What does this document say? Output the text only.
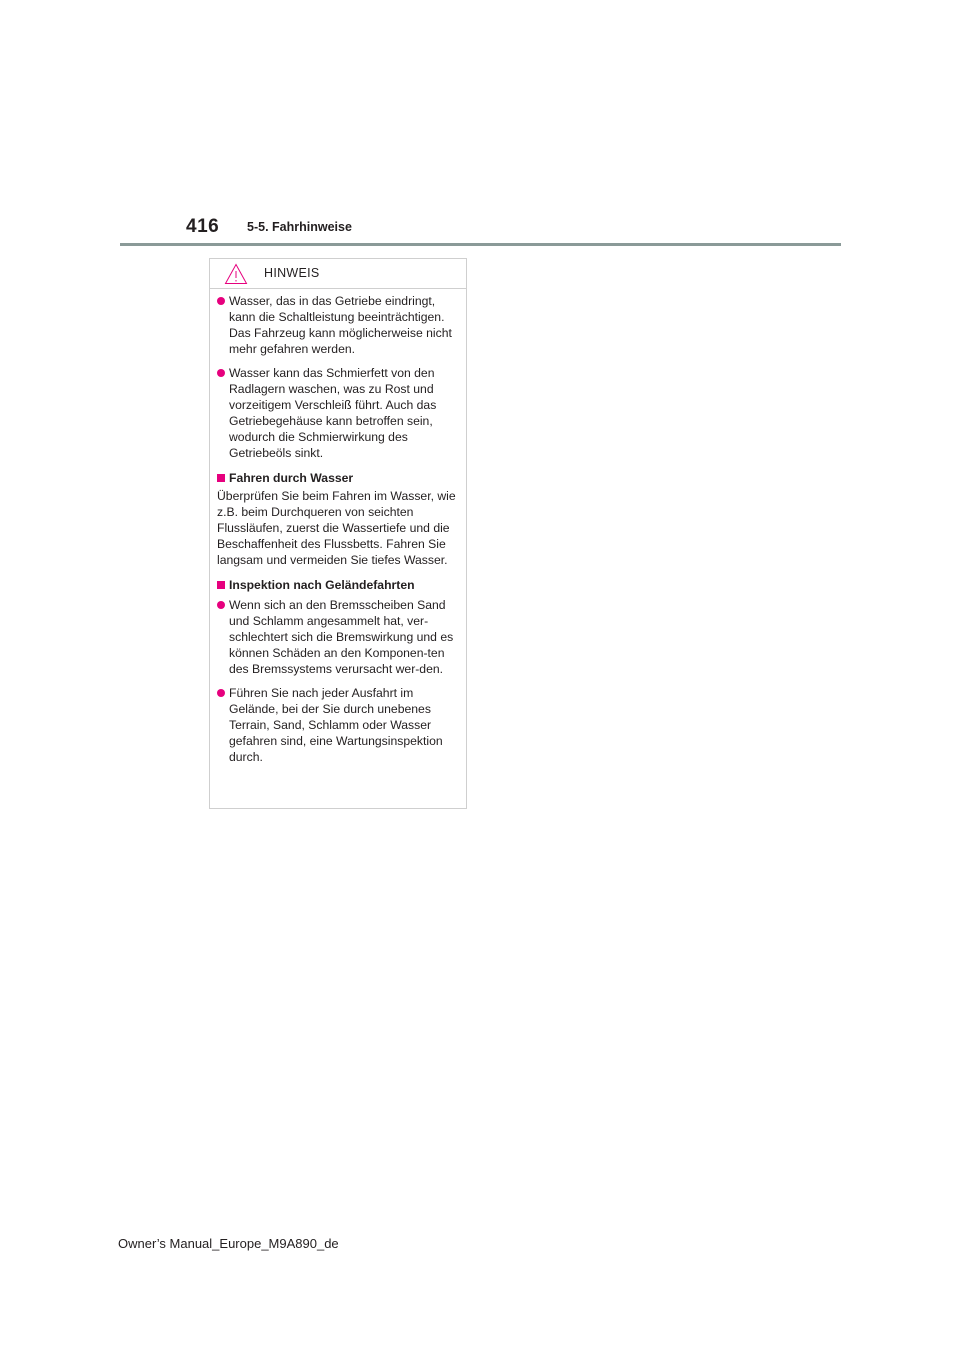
416 5-5. Fahrhinweise
HINWEIS
Wasser, das in das Getriebe eindringt, kann die Schaltleistung beeinträchtigen. Das Fahrzeug kann möglicherweise nicht mehr gefahren werden.
Wasser kann das Schmierfett von den Radlagern waschen, was zu Rost und vorzeitigem Verschleiß führt. Auch das Getriebegehäuse kann betroffen sein, wodurch die Schmierwirkung des Getriebeöls sinkt.
Fahren durch Wasser
Überprüfen Sie beim Fahren im Wasser, wie z.B. beim Durchqueren von seichten Flussläufen, zuerst die Wassertiefe und die Beschaffenheit des Flussbetts. Fahren Sie langsam und vermeiden Sie tiefes Wasser.
Inspektion nach Geländefahrten
Wenn sich an den Bremsscheiben Sand und Schlamm angesammelt hat, ver-schlechtert sich die Bremswirkung und es können Schäden an den Komponen-ten des Bremssystems verursacht wer-den.
Führen Sie nach jeder Ausfahrt im Gelände, bei der Sie durch unebenes Terrain, Sand, Schlamm oder Wasser gefahren sind, eine Wartungsinspektion durch.
Owner’s Manual_Europe_M9A890_de
